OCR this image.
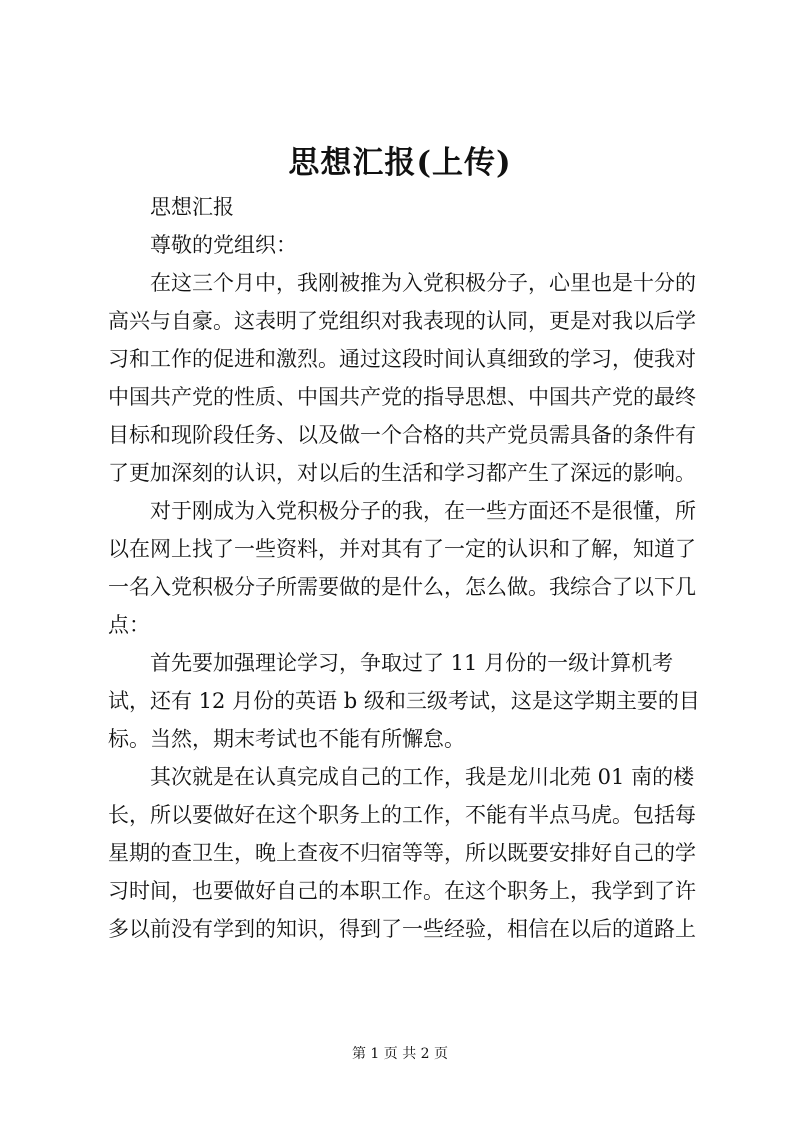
思想汇报(上传)

思想汇报

尊敬的党组织：

在这三个月中，我刚被推为入党积极分子，心里也是十分的高兴与自豪。这表明了党组织对我表现的认同，更是对我以后学习和工作的促进和激烈。通过这段时间认真细致的学习，使我对中国共产党的性质、中国共产党的指导思想、中国共产党的最终目标和现阶段任务、以及做一个合格的共产党员需具备的条件有了更加深刻的认识，对以后的生活和学习都产生了深远的影响。

对于刚成为入党积极分子的我，在一些方面还不是很懂，所以在网上找了一些资料，并对其有了一定的认识和了解，知道了一名入党积极分子所需要做的是什么，怎么做。我综合了以下几点：

首先要加强理论学习，争取过了 11 月份的一级计算机考试，还有 12 月份的英语 b 级和三级考试，这是这学期主要的目标。当然，期末考试也不能有所懈怠。

其次就是在认真完成自己的工作，我是龙川北苑 01 南的楼长，所以要做好在这个职务上的工作，不能有半点马虎。包括每星期的查卫生，晚上查夜不归宿等等，所以既要安排好自己的学习时间，也要做好自己的本职工作。在这个职务上，我学到了许多以前没有学到的知识，得到了一些经验，相信在以后的道路上

第 1 页 共 2 页
